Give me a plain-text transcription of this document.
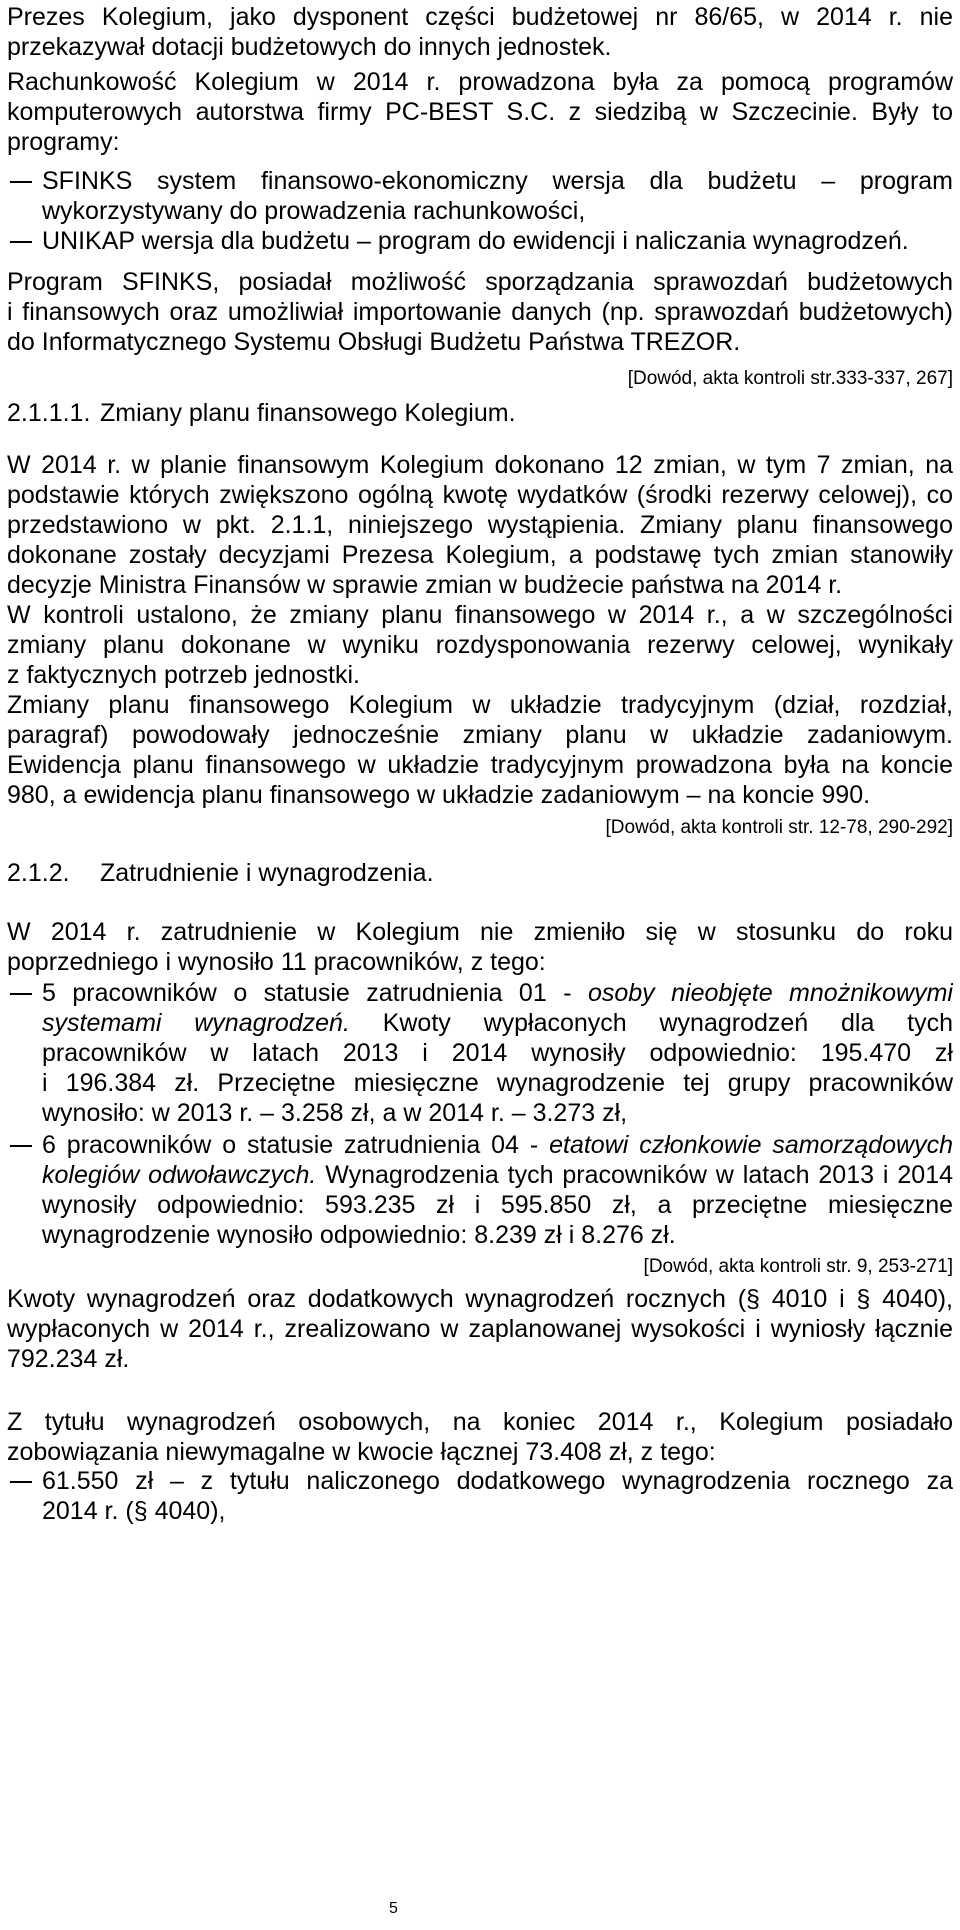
Prezes Kolegium, jako dysponent części budżetowej nr 86/65, w 2014 r. nie
przekazywał dotacji budżetowych do innych jednostek.
Rachunkowość Kolegium w 2014 r. prowadzona była za pomocą programów
komputerowych autorstwa firmy PC-BEST S.C. z siedzibą w Szczecinie. Były to
programy:
SFINKS system finansowo-ekonomiczny wersja dla budżetu – program
wykorzystywany do prowadzenia rachunkowości,
UNIKAP wersja dla budżetu – program do ewidencji i naliczania wynagrodzeń.
Program SFINKS, posiadał możliwość sporządzania sprawozdań budżetowych
i finansowych oraz umożliwiał importowanie danych (np. sprawozdań budżetowych)
do Informatycznego Systemu Obsługi Budżetu Państwa TREZOR.
[Dowód, akta kontroli str.333-337, 267]
2.1.1.1. Zmiany planu finansowego Kolegium.
W 2014 r. w planie finansowym Kolegium dokonano 12 zmian, w tym 7 zmian, na
podstawie których zwiększono ogólną kwotę wydatków (środki rezerwy celowej), co
przedstawiono w pkt. 2.1.1, niniejszego wystąpienia. Zmiany planu finansowego
dokonane zostały decyzjami Prezesa Kolegium, a podstawę tych zmian stanowiły
decyzje Ministra Finansów w sprawie zmian w budżecie państwa na 2014 r.
W kontroli ustalono, że zmiany planu finansowego w 2014 r., a w szczególności
zmiany planu dokonane w wyniku rozdysponowania rezerwy celowej, wynikały
z faktycznych potrzeb jednostki.
Zmiany planu finansowego Kolegium w układzie tradycyjnym (dział, rozdział,
paragraf) powodowały jednocześnie zmiany planu w układzie zadaniowym.
Ewidencja planu finansowego w układzie tradycyjnym prowadzona była na koncie
980, a ewidencja planu finansowego w układzie zadaniowym – na koncie 990.
[Dowód, akta kontroli str. 12-78, 290-292]
2.1.2. Zatrudnienie i wynagrodzenia.
W 2014 r. zatrudnienie w Kolegium nie zmieniło się w stosunku do roku
poprzedniego i wynosiło 11 pracowników, z tego:
5 pracowników o statusie zatrudnienia 01 - osoby nieobjęte mnożnikowymi
systemami wynagrodzeń. Kwoty wypłaconych wynagrodzeń dla tych
pracowników w latach 2013 i 2014 wynosiły odpowiednio: 195.470 zł
i 196.384 zł. Przeciętne miesięczne wynagrodzenie tej grupy pracowników
wynosiło: w 2013 r. – 3.258 zł, a w 2014 r. – 3.273 zł,
6 pracowników o statusie zatrudnienia 04 - etatowi członkowie samorządowych
kolegiów odwoławczych. Wynagrodzenia tych pracowników w latach 2013 i 2014
wynosiły odpowiednio: 593.235 zł i 595.850 zł, a przeciętne miesięczne
wynagrodzenie wynosiło odpowiednio: 8.239 zł i 8.276 zł.
[Dowód, akta kontroli str. 9, 253-271]
Kwoty wynagrodzeń oraz dodatkowych wynagrodzeń rocznych (§ 4010 i § 4040),
wypłaconych w 2014 r., zrealizowano w zaplanowanej wysokości i wyniosły łącznie
792.234 zł.
Z tytułu wynagrodzeń osobowych, na koniec 2014 r., Kolegium posiadało
zobowiązania niewymagalne w kwocie łącznej 73.408 zł, z tego:
61.550 zł – z tytułu naliczonego dodatkowego wynagrodzenia rocznego za
2014 r. (§ 4040),
5
